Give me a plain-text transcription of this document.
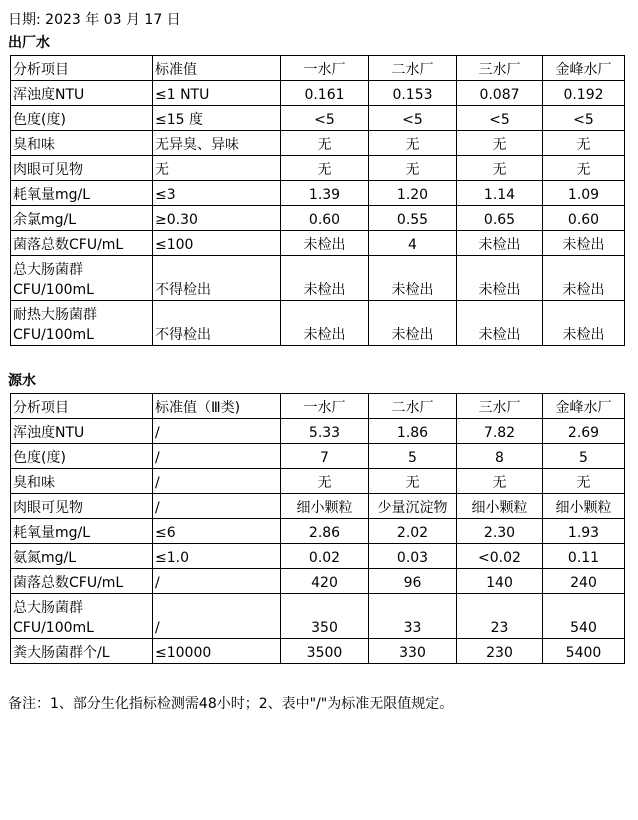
日期: 2023 年 03 月 17 日
出厂水
分析项目	标准值	一水厂	二水厂	三水厂	金峰水厂
浑浊度NTU	≤1 NTU	0.161	0.153	0.087	0.192
色度(度)	≤15 度	<5	<5	<5	<5
臭和味	无异臭、异味	无	无	无	无
肉眼可见物	无	无	无	无	无
耗氧量mg/L	≤3	1.39	1.20	1.14	1.09
余氯mg/L	≥0.30	0.60	0.55	0.65	0.60
菌落总数CFU/mL	≤100	未检出	4	未检出	未检出
总大肠菌群CFU/100mL	不得检出	未检出	未检出	未检出	未检出
耐热大肠菌群CFU/100mL	不得检出	未检出	未检出	未检出	未检出
源水
分析项目	标准值（Ⅲ类)	一水厂	二水厂	三水厂	金峰水厂
浑浊度NTU	/	5.33	1.86	7.82	2.69
色度(度)	/	7	5	8	5
臭和味	/	无	无	无	无
肉眼可见物	/	细小颗粒	少量沉淀物	细小颗粒	细小颗粒
耗氧量mg/L	≤6	2.86	2.02	2.30	1.93
氨氮mg/L	≤1.0	0.02	0.03	<0.02	0.11
菌落总数CFU/mL	/	420	96	140	240
总大肠菌群CFU/100mL	/	350	33	23	540
粪大肠菌群个/L	≤10000	3500	330	230	5400
备注：1、部分生化指标检测需48小时；2、表中"/"为标准无限值规定。
